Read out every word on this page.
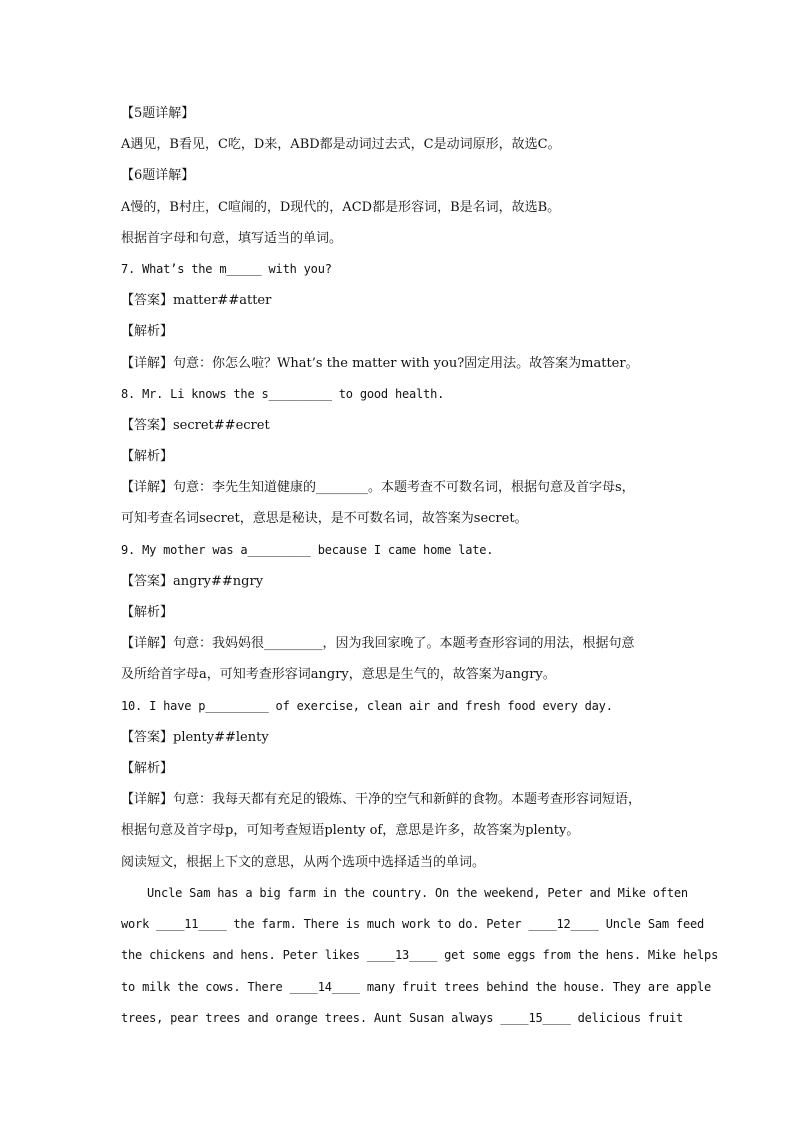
【5题详解】
A遇见，B看见，C吃，D来，ABD都是动词过去式，C是动词原形，故选C。
【6题详解】
A慢的，B村庄，C喧闹的，D现代的，ACD都是形容词，B是名词，故选B。
根据首字母和句意，填写适当的单词。
7. What’s the m_____ with you?
【答案】matter##atter
【解析】
【详解】句意：你怎么啦？What’s the matter with you?固定用法。故答案为matter。
8. Mr. Li knows the s_________ to good health.
【答案】secret##ecret
【解析】
【详解】句意：李先生知道健康的________。本题考查不可数名词，根据句意及首字母s，
可知考查名词secret，意思是秘诀，是不可数名词，故答案为secret。
9. My mother was a_________ because I came home late.
【答案】angry##ngry
【解析】
【详解】句意：我妈妈很_________，因为我回家晚了。本题考查形容词的用法，根据句意
及所给首字母a，可知考查形容词angry，意思是生气的，故答案为angry。
10. I have p_________ of exercise, clean air and fresh food every day.
【答案】plenty##lenty
【解析】
【详解】句意：我每天都有充足的锻炼、干净的空气和新鲜的食物。本题考查形容词短语，
根据句意及首字母p，可知考查短语plenty of，意思是许多，故答案为plenty。
阅读短文，根据上下文的意思，从两个选项中选择适当的单词。
Uncle Sam has a big farm in the country. On the weekend, Peter and Mike often
work ____11____ the farm. There is much work to do. Peter ____12____ Uncle Sam feed
the chickens and hens. Peter likes ____13____ get some eggs from the hens. Mike helps
to milk the cows. There ____14____ many fruit trees behind the house. They are apple
trees, pear trees and orange trees. Aunt Susan always ____15____ delicious fruit
